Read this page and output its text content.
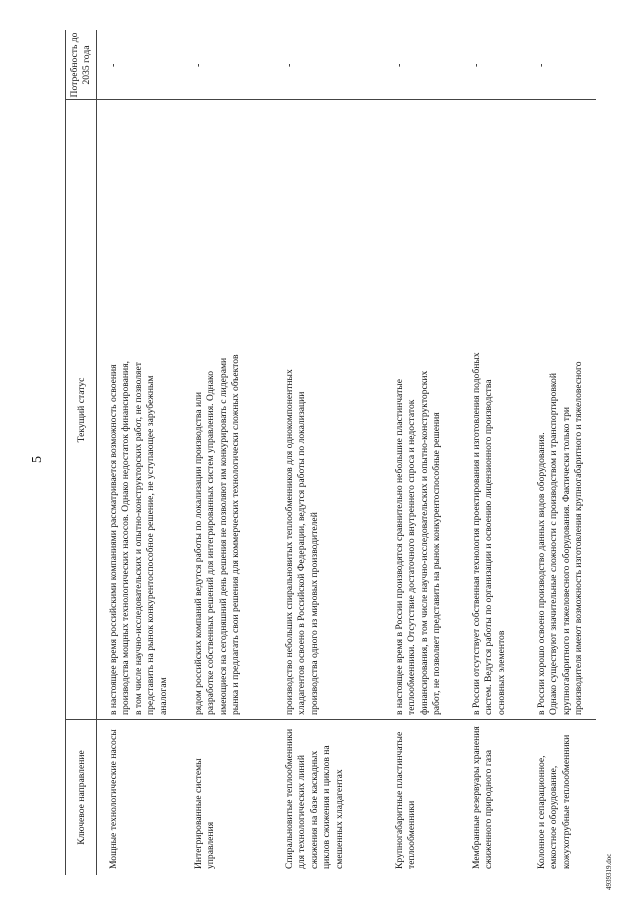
5
4939319.doc
Ключевое направление
Текущий статус
Потребность до 2035 года
Мощные технологические насосы
в настоящее время российскими компаниями рассматривается возможность освоения производства мощных технологических насосов. Однако недостаток финансирования, в том числе научно-исследовательских и опытно-конструкторских работ, не позволяет представить на рынок конкурентоспособное решение, не уступающее зарубежным аналогам
-
Интегрированные системы управления
рядом российских компаний ведутся работы по локализации производства или разработке собственных решений для интегрированных систем управления. Однако имеющиеся на сегодняшний день решения не позволяют им конкурировать с лидерами рынка и предлагать свои решения для коммерческих технологически сложных объектов
-
Спиральновитые теплообменники для технологических линий сжижения на базе каскадных циклов сжижения и циклов на смешенных хладагентах
производство небольших спиральновитых теплообменников для однокомпонентных хладагентов освоено в Российской Федерации, ведутся работы по локализации производства одного из мировых производителей
-
Крупногабаритные пластинчатые теплообменники
в настоящее время в России производятся сравнительно небольшие пластинчатые теплообменники. Отсутствие достаточного внутреннего спроса и недостаток финансирования, в том числе научно-исследовательских и опытно-конструкторских работ, не позволяет представить на рынок конкурентоспособные решения
-
Мембранные резервуары хранения сжиженного природного газа
в России отсутствует собственная технология проектирования и изготовления подобных систем. Ведутся работы по организации и освоению лицензионного производства основных элементов
-
Колонное и сепарационное, емкостное оборудование, кожухотрубные теплообменники
в России хорошо освоено производство данных видов оборудования. Однако существуют значительные сложности с производством и транспортировкой крупногабаритного и тяжеловесного оборудования. Фактически только три производителя имеют возможность изготовления крупногабаритного и тяжеловесного
-
